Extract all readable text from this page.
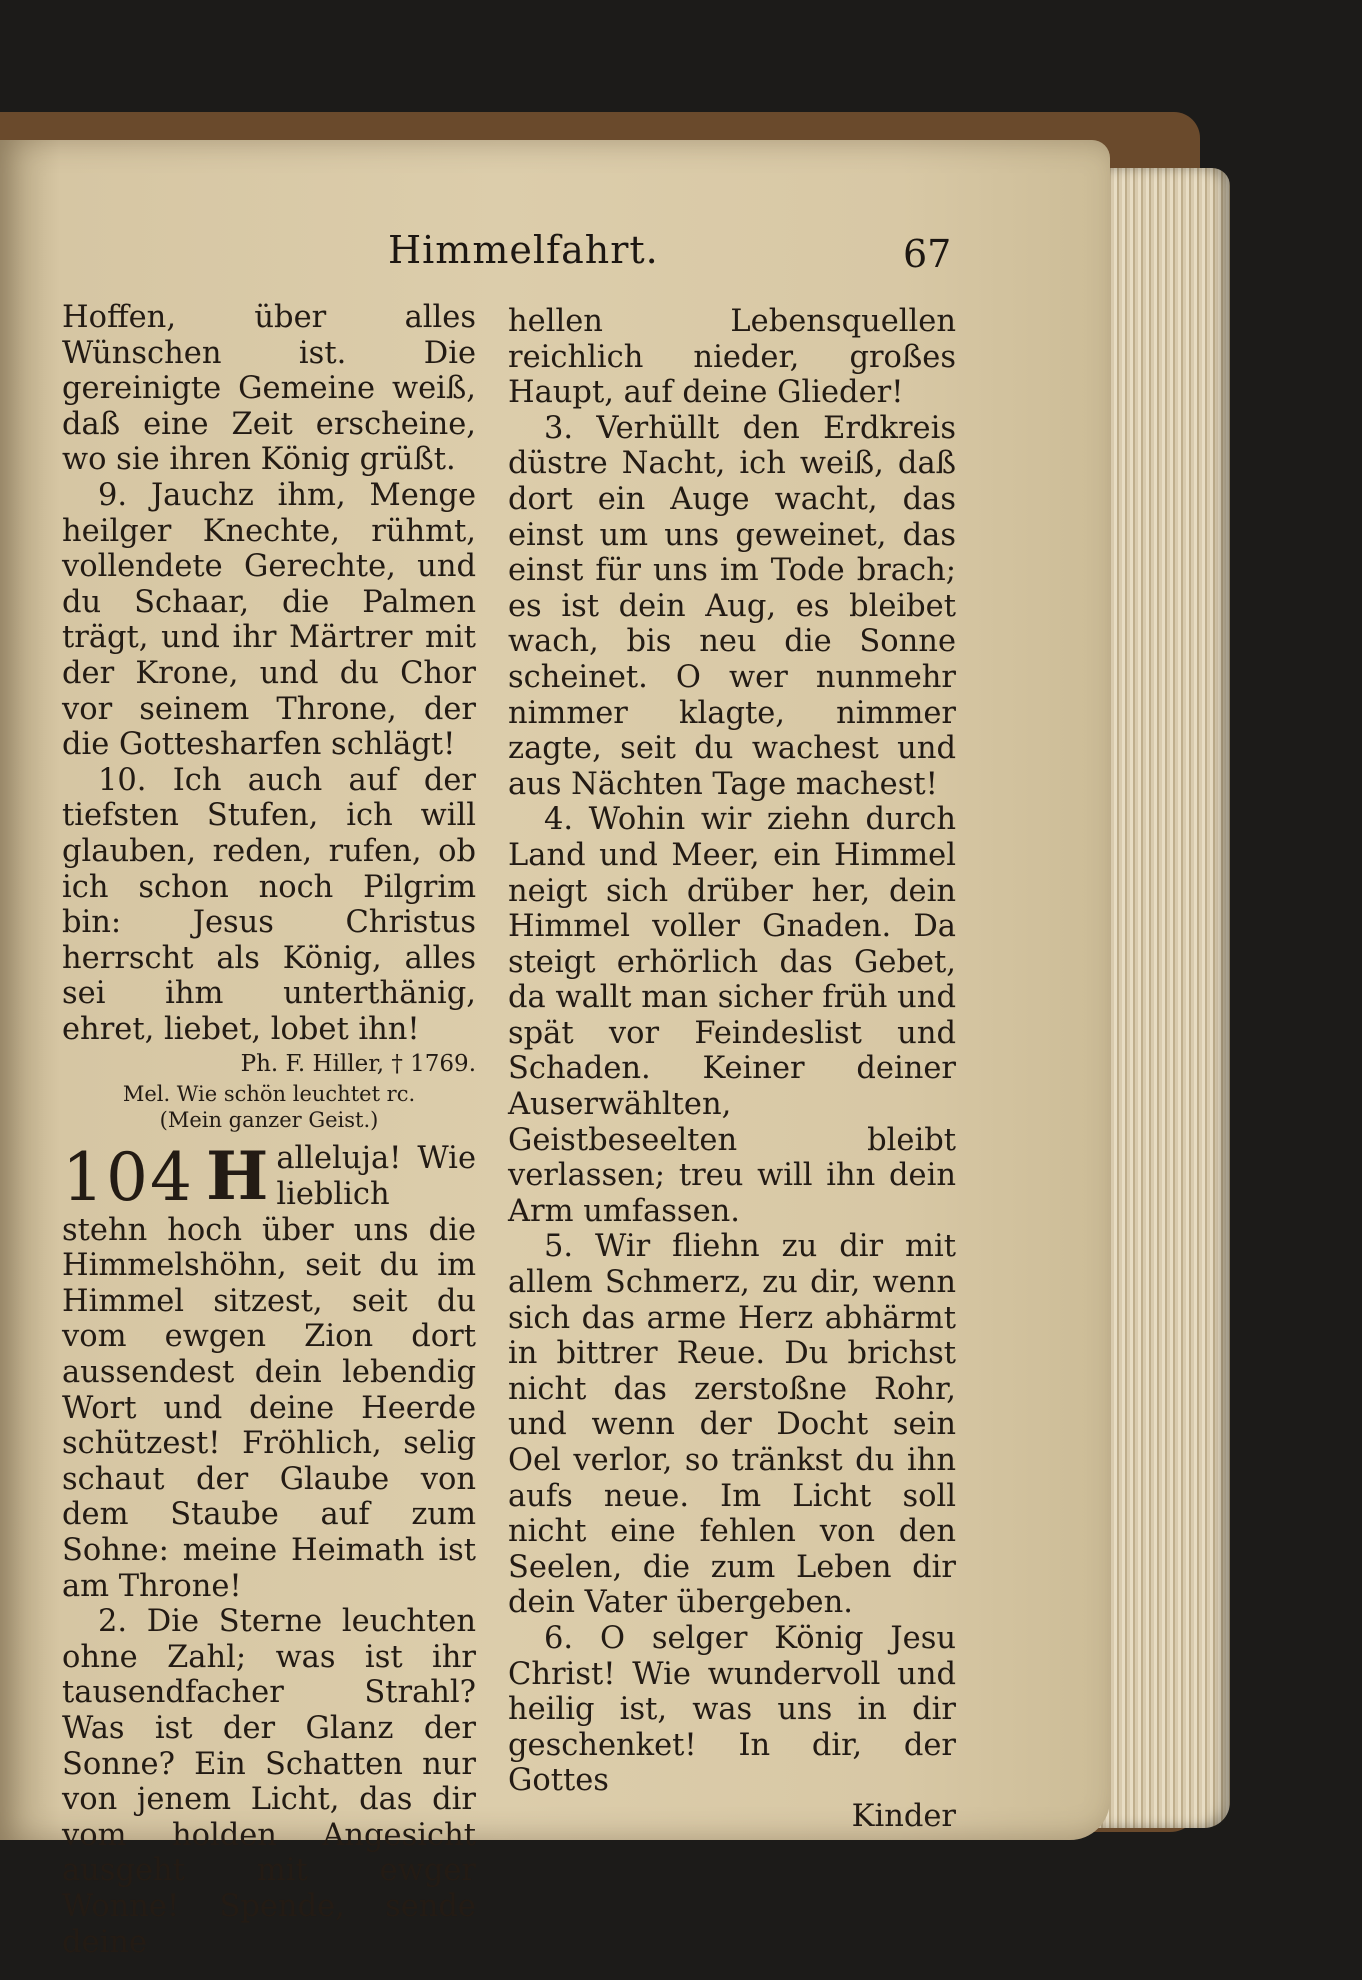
Himmelfahrt.	67

Hoffen, über alles Wünschen ist. Die gereinigte Gemeine weiß, daß eine Zeit erscheine, wo sie ihren König grüßt.

9. Jauchz ihm, Menge heilger Knechte, rühmt, vollendete Gerechte, und du Schaar, die Palmen trägt, und ihr Märtrer mit der Krone, und du Chor vor seinem Throne, der die Gottesharfen schlägt!

10. Ich auch auf der tiefsten Stufen, ich will glauben, reden, rufen, ob ich schon noch Pilgrim bin: Jesus Christus herrscht als König, alles sei ihm unterthänig, ehret, liebet, lobet ihn!

Ph. F. Hiller, † 1769.

Mel. Wie schön leuchtet rc.

(Mein ganzer Geist.)

104 H alleluja! Wie lieblich stehn hoch über uns die Himmelshöhn, seit du im Himmel sitzest, seit du vom ewgen Zion dort aussendest dein lebendig Wort und deine Heerde schützest! Fröhlich, selig schaut der Glaube von dem Staube auf zum Sohne: meine Heimath ist am Throne!

2. Die Sterne leuchten ohne Zahl; was ist ihr tausendfacher Strahl? Was ist der Glanz der Sonne? Ein Schatten nur von jenem Licht, das dir vom holden Angesicht ausgeht mit ewger Wonne! Spende, sende deine

hellen Lebensquellen reichlich nieder, großes Haupt, auf deine Glieder!

3. Verhüllt den Erdkreis düstre Nacht, ich weiß, daß dort ein Auge wacht, das einst um uns geweinet, das einst für uns im Tode brach; es ist dein Aug, es bleibet wach, bis neu die Sonne scheinet. O wer nunmehr nimmer klagte, nimmer zagte, seit du wachest und aus Nächten Tage machest!

4. Wohin wir ziehn durch Land und Meer, ein Himmel neigt sich drüber her, dein Himmel voller Gnaden. Da steigt erhörlich das Gebet, da wallt man sicher früh und spät vor Feindeslist und Schaden. Keiner deiner Auserwählten, Geistbeseelten bleibt verlassen; treu will ihn dein Arm umfassen.

5. Wir fliehn zu dir mit allem Schmerz, zu dir, wenn sich das arme Herz abhärmt in bittrer Reue. Du brichst nicht das zerstoßne Rohr, und wenn der Docht sein Oel verlor, so tränkst du ihn aufs neue. Im Licht soll nicht eine fehlen von den Seelen, die zum Leben dir dein Vater übergeben.

6. O selger König Jesu Christ! Wie wundervoll und heilig ist, was uns in dir geschenket! In dir, der Gottes

Kinder
